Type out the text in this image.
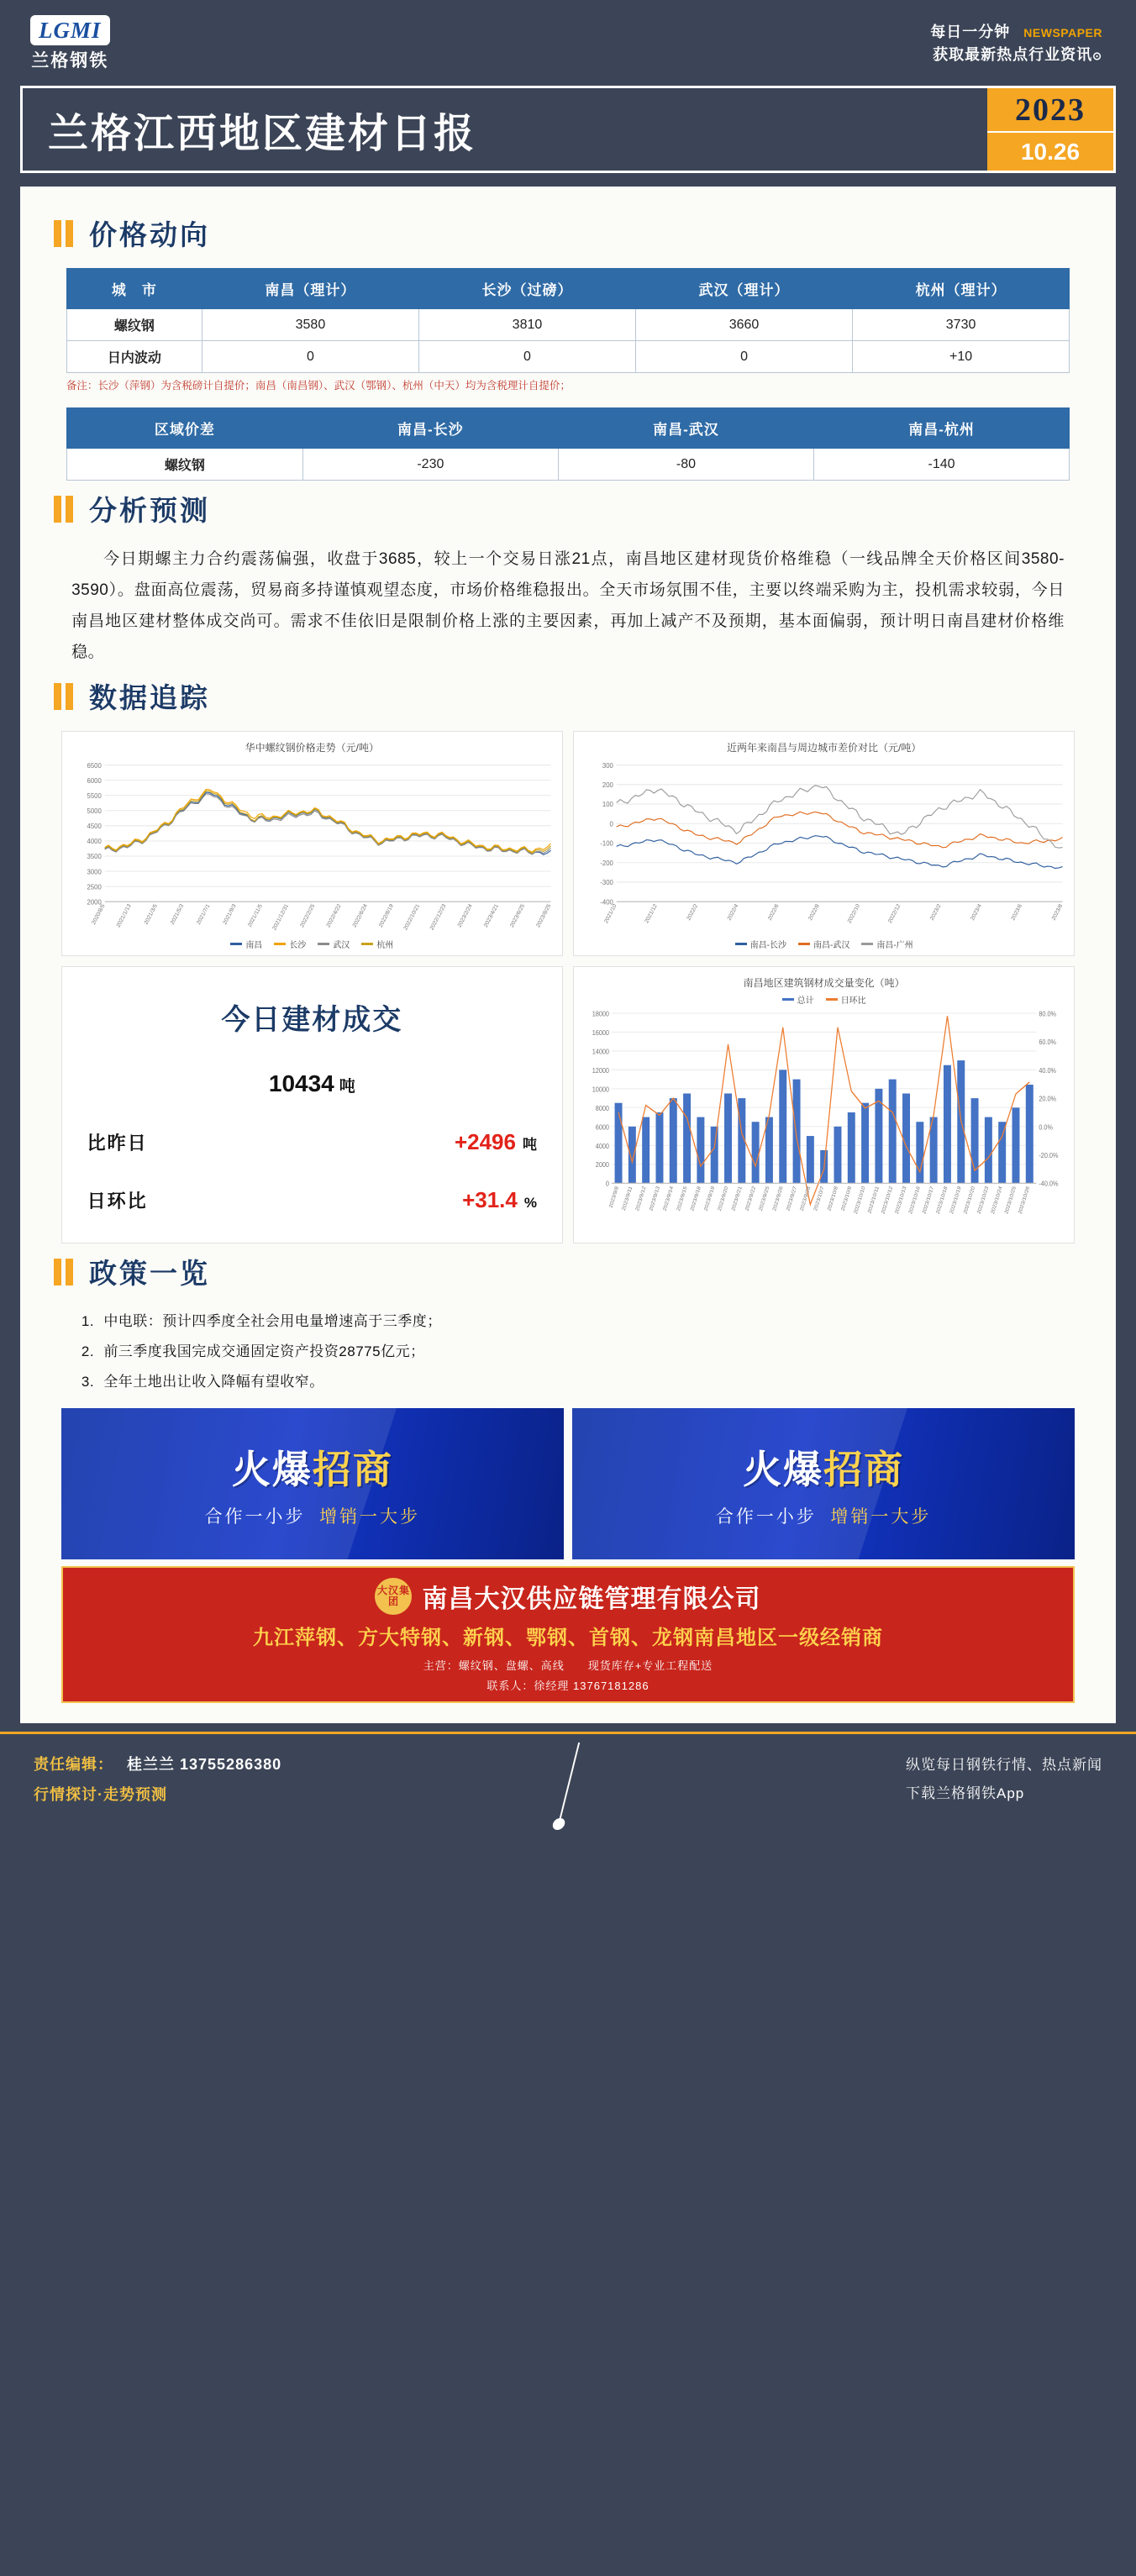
LGMI
兰格钢铁
每日一分钟 NEWSPAPER
获取最新热点行业资讯⊙
兰格江西地区建材日报
2023
10.26
价格动向
城　市	南昌（理计）	长沙（过磅）	武汉（理计）	杭州（理计）
螺纹钢	3580	3810	3660	3730
日内波动	0	0	0	+10
备注：长沙（萍钢）为含税磅计自提价；南昌（南昌钢）、武汉（鄂钢）、杭州（中天）均为含税理计自提价；
区域价差	南昌-长沙	南昌-武汉	南昌-杭州
螺纹钢	-230	-80	-140
分析预测

今日期螺主力合约震荡偏强，收盘于3685，较上一个交易日涨21点，南昌地区建材现货价格维稳（一线品牌全天价格区间3580-3590）。盘面高位震荡，贸易商多持谨慎观望态度，市场价格维稳报出。全天市场氛围不佳，主要以终端采购为主，投机需求较弱，今日南昌地区建材整体成交尚可。需求不佳依旧是限制价格上涨的主要因素，再加上减产不及预期，基本面偏弱，预计明日南昌建材价格维稳。

数据追踪
华中螺纹钢价格走势（元/吨）
2000
2500
3000
3500
4000
4500
5000
5500
6000
6500
2020/8/5 2021/1/13 2021/3/5 2021/5/3 2021/7/1 2021/9/3 2021/11/5 2021/12/31 2022/2/25 2022/4/22 2022/6/24 2022/8/19 2022/10/21 2022/12/23 2023/2/24 2023/4/21 2023/6/25 2023/8/25
南昌	长沙	武汉	杭州
近两年来南昌与周边城市差价对比（元/吨）
-400
-300
-200
-100
0
100
200
300
2021/10	2021/12	2022/2	2022/4	2022/6	2022/8	2022/10	2022/12	2023/2	2023/4	2023/6	2023/8
南昌-长沙	南昌-武汉	南昌-广州
今日建材成交
10434 吨
比昨日	+2496 吨
日环比	+31.4 %
南昌地区建筑钢材成交量变化（吨）
总计	日环比
0
2000
4000
6000
8000
10000
12000
14000
16000
18000	80.0%
60.0%
40.0%
20.0%
0.0%
-20.0%
-40.0%
2023/9/8 2023/9/11 2023/9/12 2023/9/13 2023/9/14 2023/9/15 2023/9/18 2023/9/19 2023/9/20 2023/9/21 2023/9/22 2023/9/25 2023/9/26 2023/9/27 2023/9/28 2023/10/7 2023/10/8 2023/10/9 2023/10/10 2023/10/11 2023/10/12 2023/10/13 2023/10/16 2023/10/17 2023/10/18 2023/10/19 2023/10/20 2023/10/23 2023/10/24 2023/10/25 2023/10/26
政策一览
1. 中电联：预计四季度全社会用电量增速高于三季度；
2. 前三季度我国完成交通固定资产投资28775亿元；
3. 全年土地出让收入降幅有望收窄。
火爆招商
合作一小步 增销一大步
火爆招商
合作一小步 增销一大步
大汉集团 南昌大汉供应链管理有限公司
九江萍钢、方大特钢、新钢、鄂钢、首钢、龙钢南昌地区一级经销商
主营：螺纹钢、盘螺、高线　　现货库存+专业工程配送
联系人：徐经理 13767181286
责任编辑： 桂兰兰 13755286380
行情探讨·走势预测
纵览每日钢铁行情、热点新闻
下载兰格钢铁App
